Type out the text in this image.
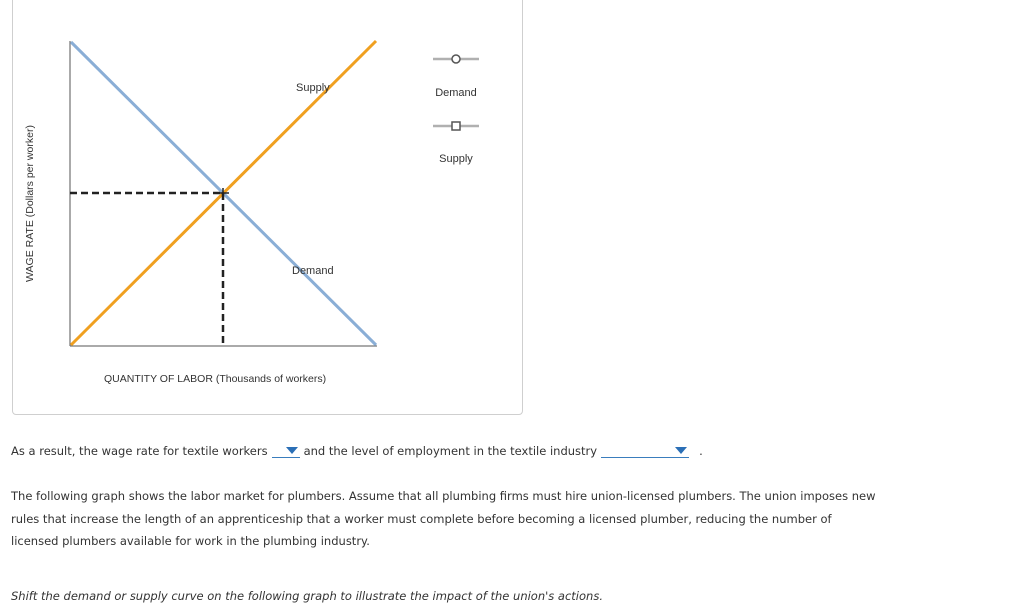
WAGE RATE (Dollars per worker)
Supply
Demand
QUANTITY OF LABOR (Thousands of workers)
Demand
Supply
As a result, the wage rate for textile workers	and the level of employment in the textile industry	.

The following graph shows the labor market for plumbers. Assume that all plumbing firms must hire union-licensed plumbers. The union imposes new rules that increase the length of an apprenticeship that a worker must complete before becoming a licensed plumber, reducing the number of licensed plumbers available for work in the plumbing industry.

Shift the demand or supply curve on the following graph to illustrate the impact of the union's actions.
